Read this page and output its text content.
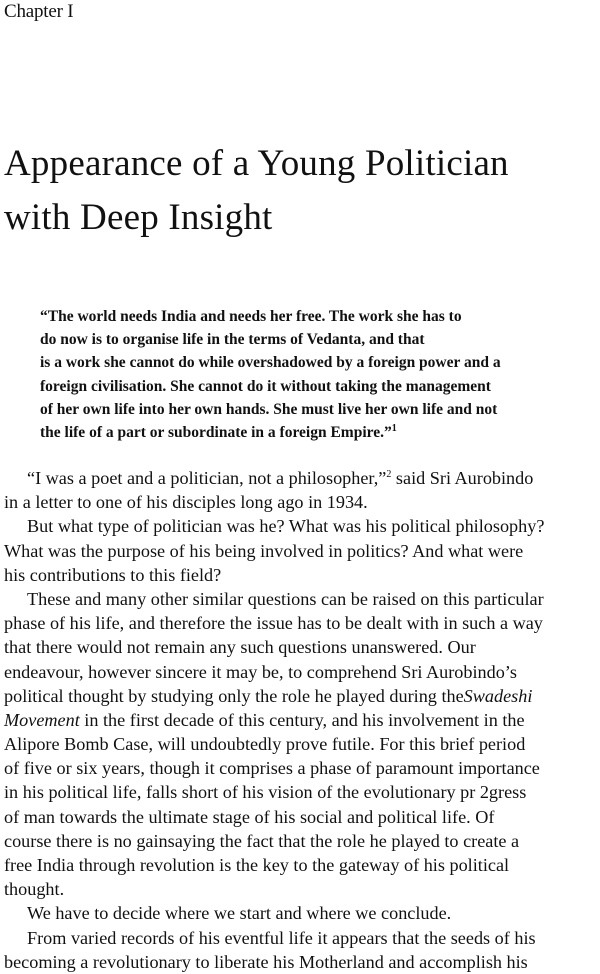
Chapter I
Appearance of a Young Politician
with Deep Insight
“The world needs India and needs her free. The work she has to
do now is to organise life in the terms of Vedanta, and that
is a work she cannot do while overshadowed by a foreign power and a
foreign civilisation. She cannot do it without taking the management
of her own life into her own hands. She must live her own life and not
the life of a part or subordinate in a foreign Empire.”$^1$
“I was a poet and a politician, not a philosopher,”$^2$ said Sri Aurobindo
in a letter to one of his disciples long ago in 1934.
But what type of politician was he? What was his political philosophy?
What was the purpose of his being involved in politics? And what were
his contributions to this field?
These and many other similar questions can be raised on this particular
phase of his life, and therefore the issue has to be dealt with in such a way
that there would not remain any such questions unanswered. Our
endeavour, however sincere it may be, to comprehend Sri Aurobindo’s
political thought by studying only the role he played during theSwadeshi
Movement in the first decade of this century, and his involvement in the
Alipore Bomb Case, will undoubtedly prove futile. For this brief period
of five or six years, though it comprises a phase of paramount importance
in his political life, falls short of his vision of the evolutionary pr 2gress
of man towards the ultimate stage of his social and political life. Of
course there is no gainsaying the fact that the role he played to create a
free India through revolution is the key to the gateway of his political
thought.
We have to decide where we start and where we conclude.
From varied records of his eventful life it appears that the seeds of his
becoming a revolutionary to liberate his Motherland and accomplish his
